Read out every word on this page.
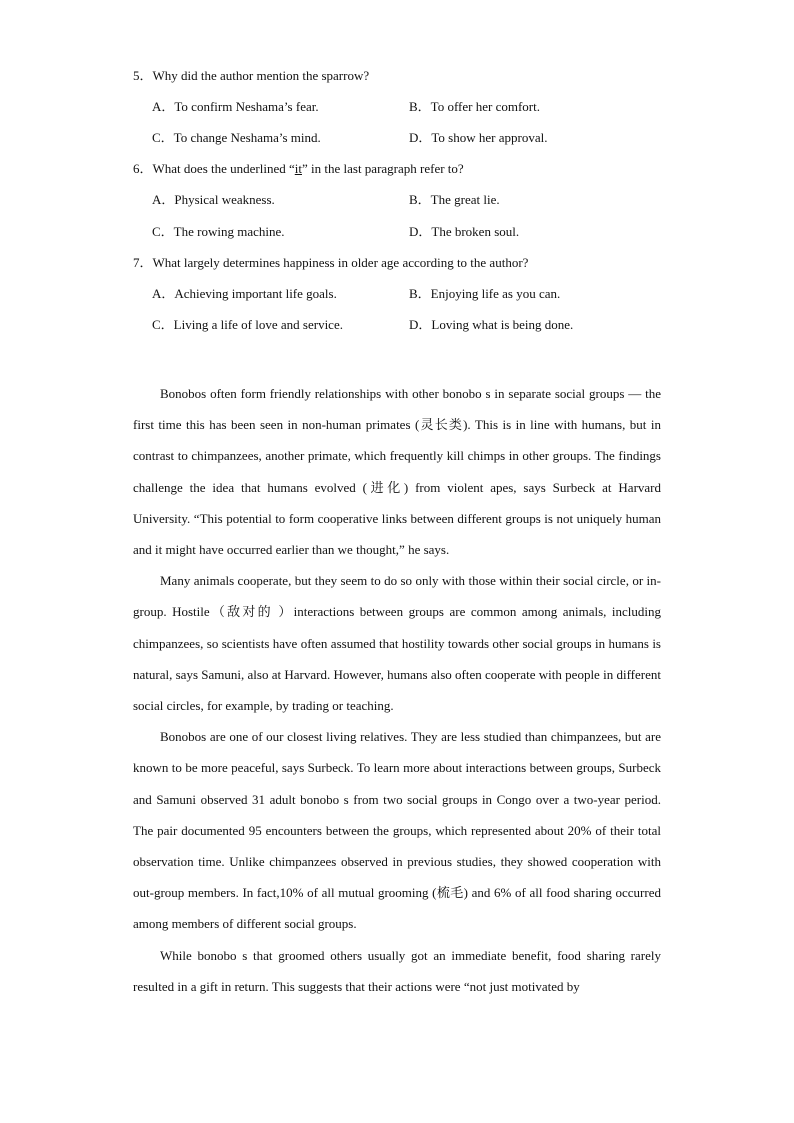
5．Why did the author mention the sparrow?
A．To confirm Neshama’s fear.	B．To offer her comfort.
C．To change Neshama’s mind.	D．To show her approval.
6．What does the underlined “it” in the last paragraph refer to?
A．Physical weakness.	B．The great lie.
C．The rowing machine.	D．The broken soul.
7．What largely determines happiness in older age according to the author?
A．Achieving important life goals.	B．Enjoying life as you can.
C．Living a life of love and service.	D．Loving what is being done.

Bonobos often form friendly relationships with other bonobo s in separate social groups — the first time this has been seen in non-human primates (灵长类). This is in line with humans, but in contrast to chimpanzees, another primate, which frequently kill chimps in other groups. The findings challenge the idea that humans evolved (进化) from violent apes, says Surbeck at Harvard University. “This potential to form cooperative links between different groups is not uniquely human and it might have occurred earlier than we thought,” he says.

Many animals cooperate, but they seem to do so only with those within their social circle, or in-group. Hostile（敌对的 ）interactions between groups are common among animals, including chimpanzees, so scientists have often assumed that hostility towards other social groups in humans is natural, says Samuni, also at Harvard. However, humans also often cooperate with people in different social circles, for example, by trading or teaching.

Bonobos are one of our closest living relatives. They are less studied than chimpanzees, but are known to be more peaceful, says Surbeck. To learn more about interactions between groups, Surbeck and Samuni observed 31 adult bonobo s from two social groups in Congo over a two-year period. The pair documented 95 encounters between the groups, which represented about 20% of their total observation time. Unlike chimpanzees observed in previous studies, they showed cooperation with out-group members. In fact,10% of all mutual grooming (梳毛) and 6% of all food sharing occurred among members of different social groups.

While bonobo s that groomed others usually got an immediate benefit, food sharing rarely resulted in a gift in return. This suggests that their actions were “not just motivated by
